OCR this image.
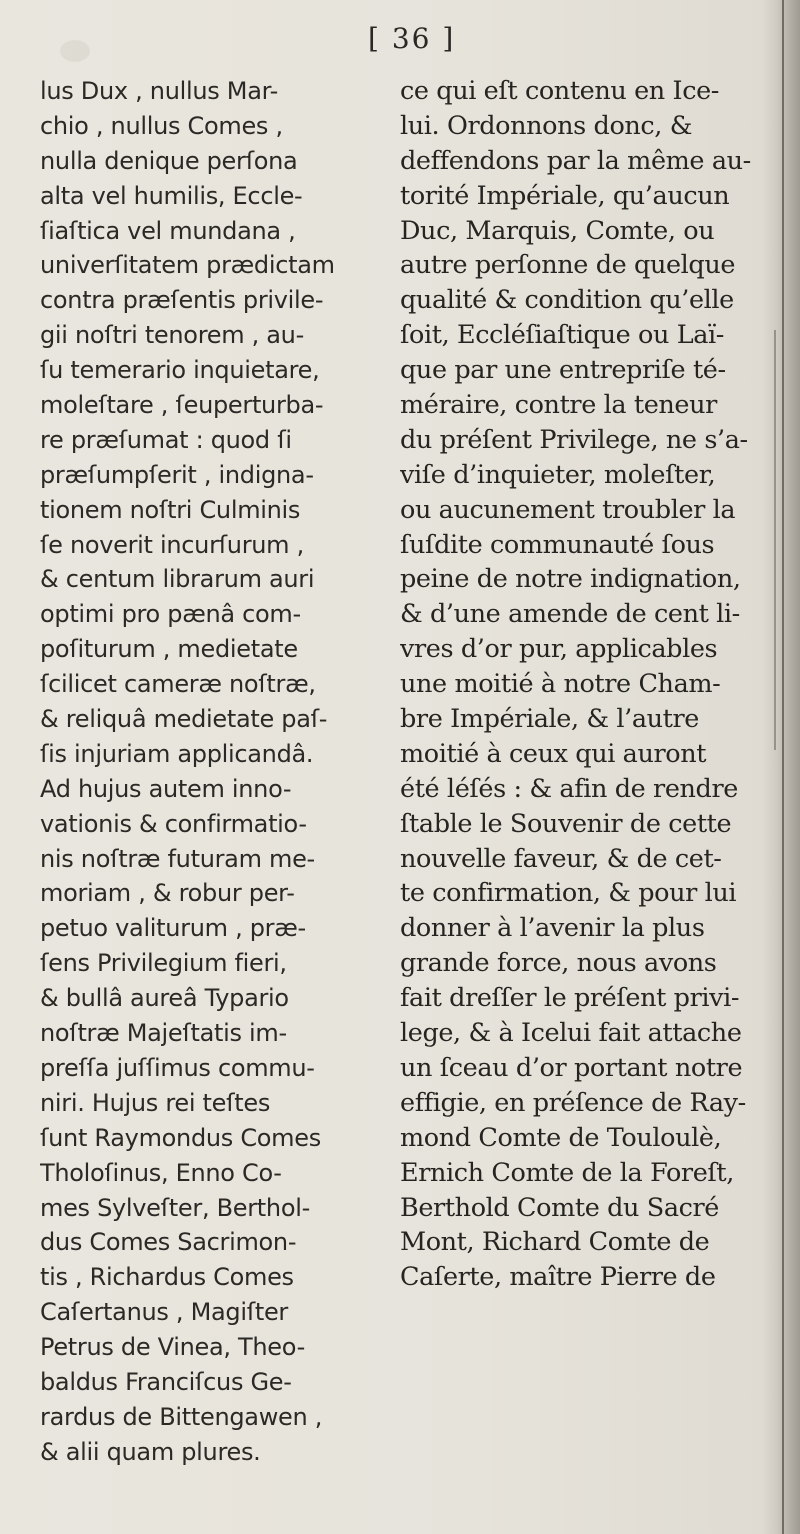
[ 36 ]
lus Dux , nullus Mar-
chio , nullus Comes ,
nulla denique perſona
alta vel humilis, Eccle-
ſiaſtica vel mundana ,
univerſitatem prædictam
contra præſentis privile-
gii noſtri tenorem , au-
ſu temerario inquietare,
moleſtare , ſeuperturba-
re præſumat : quod ſi
præſumpſerit , indigna-
tionem noſtri Culminis
ſe noverit incurſurum ,
& centum librarum auri
optimi pro pænâ com-
poſiturum , medietate
ſcilicet cameræ noſtræ,
& reliquâ medietate paſ-
ſis injuriam applicandâ.
Ad hujus autem inno-
vationis & confirmatio-
nis noſtræ futuram me-
moriam , & robur per-
petuo valiturum , præ-
ſens Privilegium fieri,
& bullâ aureâ Typario
noſtræ Majeſtatis im-
preſſa juſſimus commu-
niri. Hujus rei teſtes
ſunt Raymondus Comes
Tholoſinus, Enno Co-
mes Sylveſter, Berthol-
dus Comes Sacrimon-
tis , Richardus Comes
Caſertanus , Magiſter
Petrus de Vinea, Theo-
baldus Franciſcus Ge-
rardus de Bittengawen ,
& alii quam plures.
ce qui eſt contenu en Ice-
lui. Ordonnons donc, &
deffendons par la même au-
torité Impériale, qu’aucun
Duc, Marquis, Comte, ou
autre perſonne de quelque
qualité & condition qu’elle
ſoit, Eccléſiaſtique ou Laï-
que par une entrepriſe té-
méraire, contre la teneur
du préſent Privilege, ne s’a-
viſe d’inquieter, moleſter,
ou aucunement troubler la
ſuſdite communauté ſous
peine de notre indignation,
& d’une amende de cent li-
vres d’or pur, applicables
une moitié à notre Cham-
bre Impériale, & l’autre
moitié à ceux qui auront
été léſés : & afin de rendre
ſtable le Souvenir de cette
nouvelle faveur, & de cet-
te confirmation, & pour lui
donner à l’avenir la plus
grande force, nous avons
fait dreſſer le préſent privi-
lege, & à Icelui fait attache
un ſceau d’or portant notre
effigie, en préſence de Ray-
mond Comte de Touloulè,
Ernich Comte de la Foreſt,
Berthold Comte du Sacré
Mont, Richard Comte de
Caſerte, maître Pierre de
